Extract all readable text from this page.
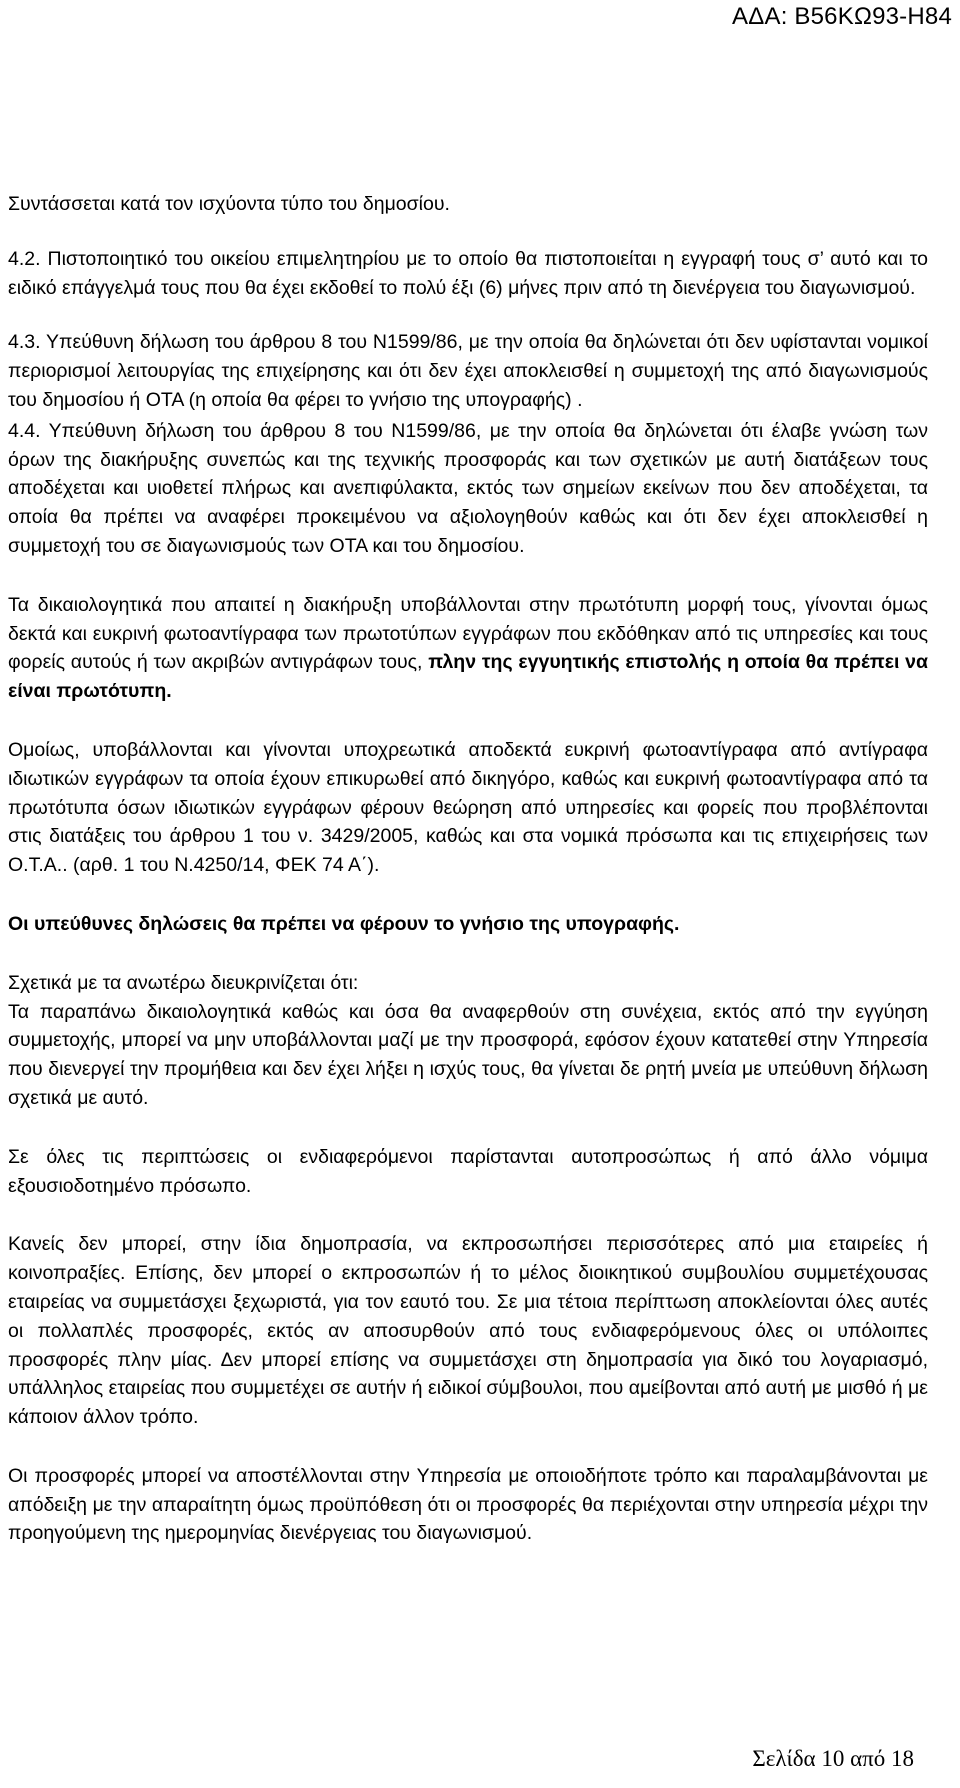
ΑΔΑ: Β56ΚΩ93-Η84

Συντάσσεται κατά τον ισχύοντα τύπο του δημοσίου.

4.2. Πιστοποιητικό του οικείου επιμελητηρίου με το οποίο θα πιστοποιείται η εγγραφή τους σ’ αυτό και το ειδικό επάγγελμά τους που θα έχει εκδοθεί το πολύ έξι (6) μήνες πριν από τη διενέργεια του διαγωνισμού.

4.3. Υπεύθυνη δήλωση του άρθρου 8 του Ν1599/86, με την οποία θα δηλώνεται ότι δεν υφίστανται νομικοί περιορισμοί λειτουργίας της επιχείρησης και ότι δεν έχει αποκλεισθεί η συμμετοχή της από διαγωνισμούς του δημοσίου ή ΟΤΑ (η οποία θα φέρει το γνήσιο της υπογραφής) .

4.4. Υπεύθυνη δήλωση του άρθρου 8 του Ν1599/86, με την οποία θα δηλώνεται ότι έλαβε γνώση των όρων της διακήρυξης συνεπώς και της τεχνικής προσφοράς και των σχετικών με αυτή διατάξεων τους αποδέχεται και υιοθετεί πλήρως και ανεπιφύλακτα, εκτός των σημείων εκείνων που δεν αποδέχεται, τα οποία θα πρέπει να αναφέρει προκειμένου να αξιολογηθούν καθώς και ότι δεν έχει αποκλεισθεί η συμμετοχή του σε διαγωνισμούς των ΟΤΑ και του δημοσίου.

Τα δικαιολογητικά που απαιτεί η διακήρυξη υποβάλλονται στην πρωτότυπη μορφή τους, γίνονται όμως δεκτά και ευκρινή φωτοαντίγραφα των πρωτοτύπων εγγράφων που εκδόθηκαν από τις υπηρεσίες και τους φορείς αυτούς ή των ακριβών αντιγράφων τους, πλην της εγγυητικής επιστολής η οποία θα πρέπει να είναι πρωτότυπη.

Ομοίως, υποβάλλονται και γίνονται υποχρεωτικά αποδεκτά ευκρινή φωτοαντίγραφα από αντίγραφα ιδιωτικών εγγράφων τα οποία έχουν επικυρωθεί από δικηγόρο, καθώς και ευκρινή φωτοαντίγραφα από τα πρωτότυπα όσων ιδιωτικών εγγράφων φέρουν θεώρηση από υπηρεσίες και φορείς που προβλέπονται στις διατάξεις του άρθρου 1 του ν. 3429/2005, καθώς και στα νομικά πρόσωπα και τις επιχειρήσεις των Ο.Τ.Α.. (αρθ. 1 του Ν.4250/14, ΦΕΚ 74 Α΄).

Οι υπεύθυνες δηλώσεις θα πρέπει να φέρουν το γνήσιο της υπογραφής.

Σχετικά με τα ανωτέρω διευκρινίζεται ότι:

Τα παραπάνω δικαιολογητικά καθώς και όσα θα αναφερθούν στη συνέχεια, εκτός από την εγγύηση συμμετοχής, μπορεί να μην υποβάλλονται μαζί με την προσφορά, εφόσον έχουν κατατεθεί στην Υπηρεσία που διενεργεί την προμήθεια και δεν έχει λήξει η ισχύς τους, θα γίνεται δε ρητή μνεία με υπεύθυνη δήλωση σχετικά με αυτό.

Σε όλες τις περιπτώσεις οι ενδιαφερόμενοι παρίστανται αυτοπροσώπως ή από άλλο νόμιμα εξουσιοδοτημένο πρόσωπο.

Κανείς δεν μπορεί, στην ίδια δημοπρασία, να εκπροσωπήσει περισσότερες από μια εταιρείες ή κοινοπραξίες. Επίσης, δεν μπορεί ο εκπροσωπών ή το μέλος διοικητικού συμβουλίου συμμετέχουσας εταιρείας να συμμετάσχει ξεχωριστά, για τον εαυτό του. Σε μια τέτοια περίπτωση αποκλείονται όλες αυτές οι πολλαπλές προσφορές, εκτός αν αποσυρθούν από τους ενδιαφερόμενους όλες οι υπόλοιπες προσφορές πλην μίας. Δεν μπορεί επίσης να συμμετάσχει στη δημοπρασία για δικό του λογαριασμό, υπάλληλος εταιρείας που συμμετέχει σε αυτήν ή ειδικοί σύμβουλοι, που αμείβονται από αυτή με μισθό ή με κάποιον άλλον τρόπο.

Οι προσφορές μπορεί να αποστέλλονται στην Υπηρεσία με οποιοδήποτε τρόπο και παραλαμβάνονται με απόδειξη με την απαραίτητη όμως προϋπόθεση ότι οι προσφορές θα περιέχονται στην υπηρεσία μέχρι την προηγούμενη της ημερομηνίας διενέργειας του διαγωνισμού.

Σελίδα 10 από 18
